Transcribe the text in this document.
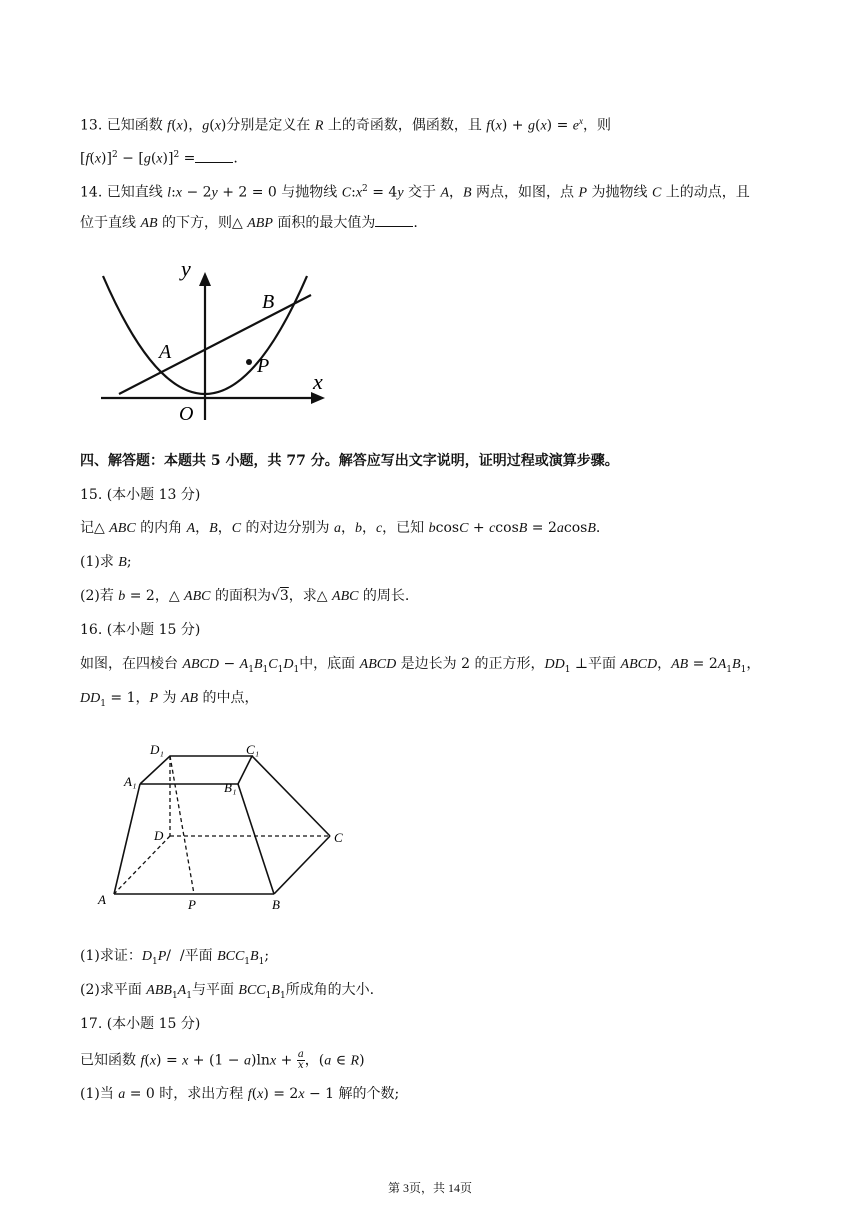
13. 已知函数 f(x)，g(x)分别是定义在 R 上的奇函数，偶函数，且 $f(x) + g(x) = e^x$，则
$[f(x)]^2 - [g(x)]^2$ =	.
14. 已知直线 l:x − 2y + 2 = 0 与抛物线 $C:x^2 = 4y$ 交于 A，B 两点，如图，点 P 为抛物线 C 上的动点，且
位于直线 AB 的下方，则△ ABP 面积的最大值为	.
y
x
O
A
B
P
四、解答题：本题共 5 小题，共 77 分。解答应写出文字说明，证明过程或演算步骤。
15. (本小题 13 分)
记△ ABC 的内角 A，B，C 的对边分别为 a，b，c，已知 bcosC + ccosB = 2acosB.
(1)求 B;
(2)若 b = 2，△ ABC 的面积为√3，求△ ABC 的周长.
16. (本小题 15 分)
如图，在四棱台 ABCD − $A_1B_1C_1D_1$中，底面 ABCD 是边长为 2 的正方形，$DD_1$ ⊥平面 ABCD，AB = $2A_1B_1$，
$DD_1 = 1$，P 为 AB 的中点，
D₁	C₁
A₁	B₁
D	C
A	P	B
(1)求证：$D_1P/$  /平面 $BCC_1B_1$;
(2)求平面 $ABB_1A_1$与平面 $BCC_1B_1$所成角的大小.
17. (本小题 15 分)
已知函数 $f(x) = x + (1 - a)\ln x + \frac{a}{x}$ ，(a ∈ R)
(1)当 a = 0 时，求出方程 f(x) = 2x − 1 解的个数;
第 3页，共 14页
